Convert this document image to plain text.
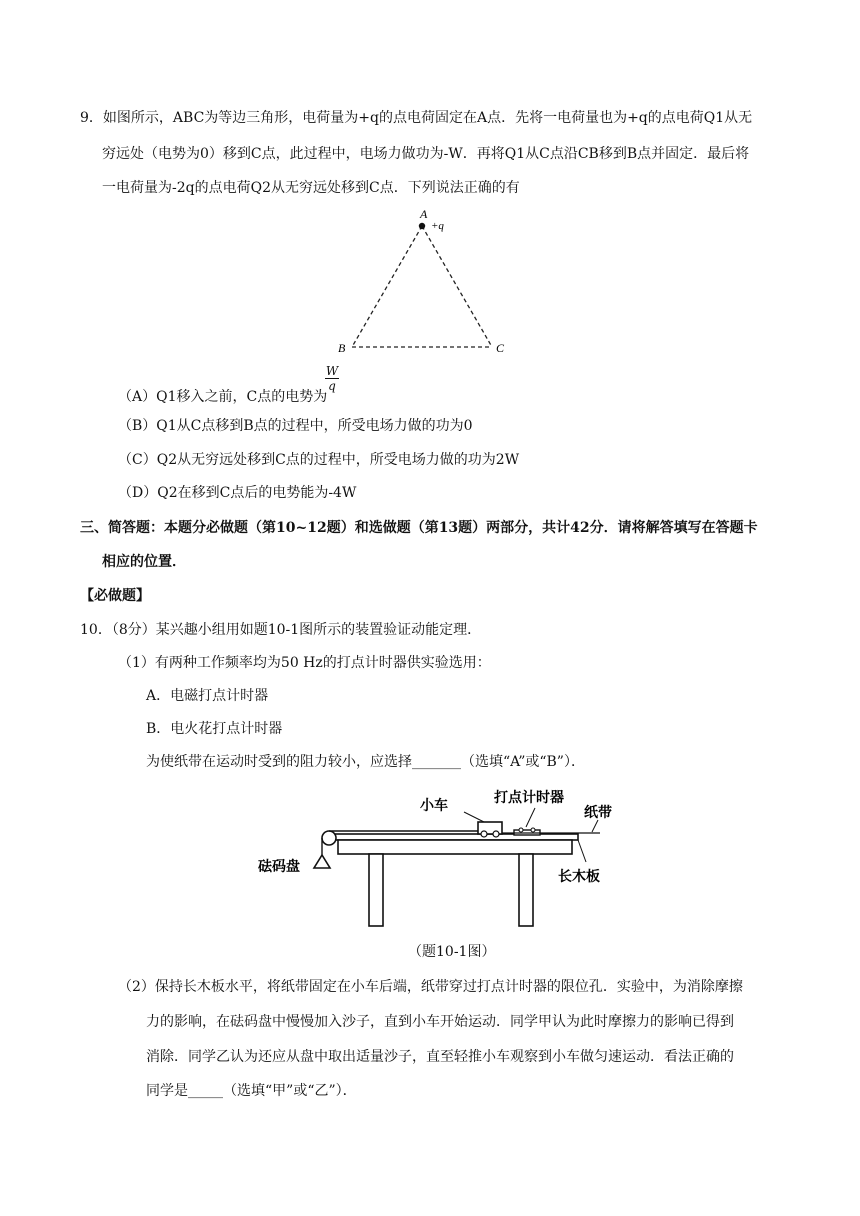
9．如图所示，ABC为等边三角形，电荷量为+q的点电荷固定在A点．先将一电荷量也为+q的点电荷Q1从无
穷远处（电势为0）移到C点，此过程中，电场力做功为-W．再将Q1从C点沿CB移到B点并固定．最后将
一电荷量为-2q的点电荷Q2从无穷远处移到C点．下列说法正确的有
A
+q
B	C
（A）Q1移入之前，C点的电势为
$\frac{W}{q}$
（B）Q1从C点移到B点的过程中，所受电场力做的功为0
（C）Q2从无穷远处移到C点的过程中，所受电场力做的功为2W
（D）Q2在移到C点后的电势能为-4W
三、简答题：本题分必做题（第10~12题）和选做题（第13题）两部分，共计42分．请将解答填写在答题卡
相应的位置．
【必做题】
10．（8分）某兴趣小组用如题10-1图所示的装置验证动能定理．
（1）有两种工作频率均为50 Hz的打点计时器供实验选用：
A．电磁打点计时器
B．电火花打点计时器
为使纸带在运动时受到的阻力较小，应选择_______（选填“A”或“B”）．
小车	打点计时器
纸带
砝码盘
长木板
（题10-1图）
（2）保持长木板水平，将纸带固定在小车后端，纸带穿过打点计时器的限位孔．实验中，为消除摩擦
力的影响，在砝码盘中慢慢加入沙子，直到小车开始运动．同学甲认为此时摩擦力的影响已得到
消除．同学乙认为还应从盘中取出适量沙子，直至轻推小车观察到小车做匀速运动．看法正确的
同学是_____（选填“甲”或“乙”）．
